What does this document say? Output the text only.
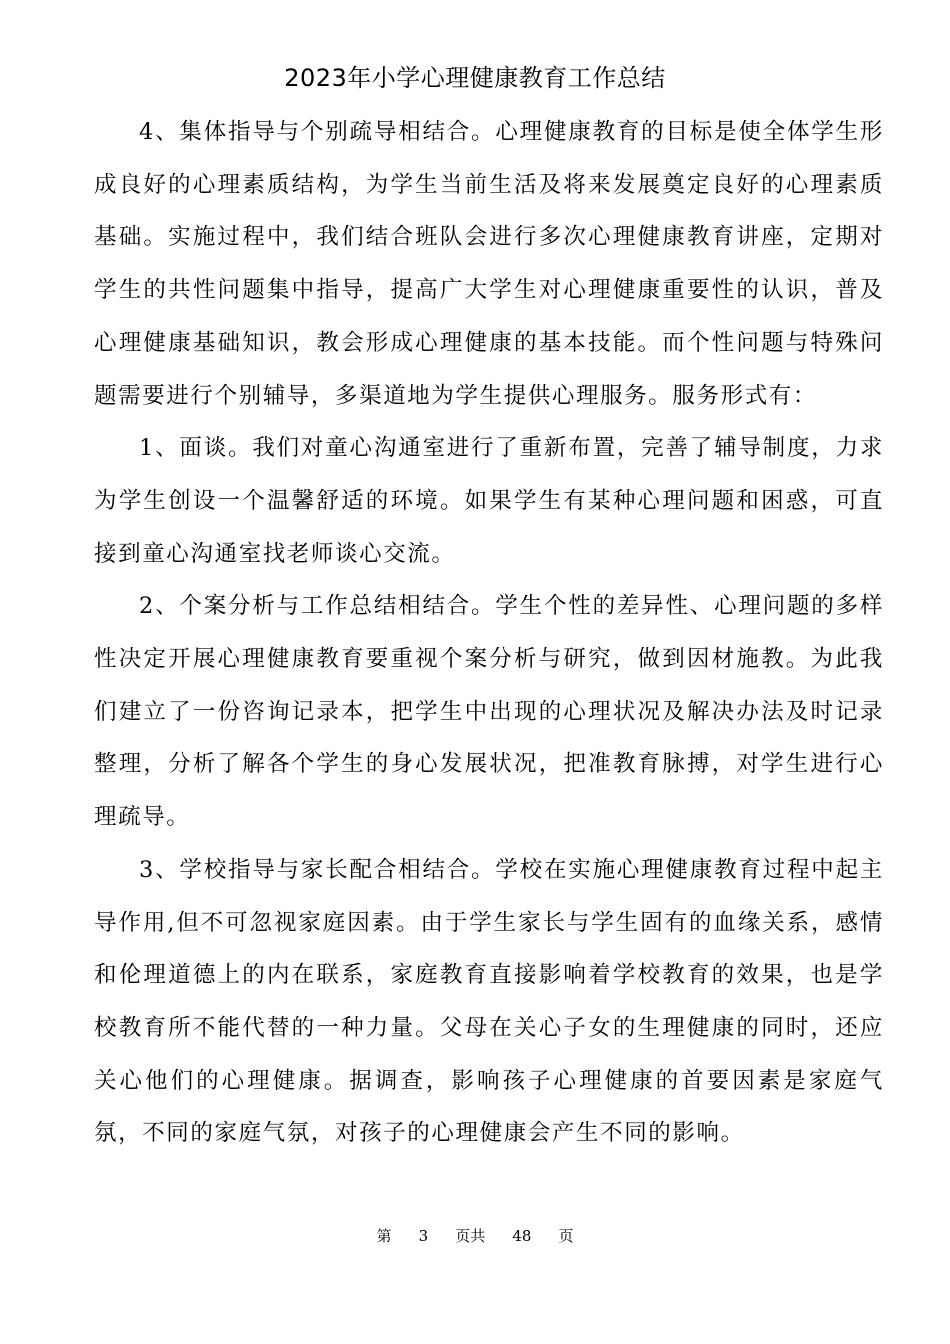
2023年小学心理健康教育工作总结

4、集体指导与个别疏导相结合。心理健康教育的目标是使全体学生形成良好的心理素质结构，为学生当前生活及将来发展奠定良好的心理素质基础。实施过程中，我们结合班队会进行多次心理健康教育讲座，定期对学生的共性问题集中指导，提高广大学生对心理健康重要性的认识，普及心理健康基础知识，教会形成心理健康的基本技能。而个性问题与特殊问题需要进行个别辅导，多渠道地为学生提供心理服务。服务形式有：

1、面谈。我们对童心沟通室进行了重新布置，完善了辅导制度，力求为学生创设一个温馨舒适的环境。如果学生有某种心理问题和困惑，可直接到童心沟通室找老师谈心交流。

2、个案分析与工作总结相结合。学生个性的差异性、心理问题的多样性决定开展心理健康教育要重视个案分析与研究，做到因材施教。为此我们建立了一份咨询记录本，把学生中出现的心理状况及解决办法及时记录整理，分析了解各个学生的身心发展状况，把准教育脉搏，对学生进行心理疏导。

3、学校指导与家长配合相结合。学校在实施心理健康教育过程中起主导作用,但不可忽视家庭因素。由于学生家长与学生固有的血缘关系，感情和伦理道德上的内在联系，家庭教育直接影响着学校教育的效果，也是学校教育所不能代替的一种力量。父母在关心子女的生理健康的同时，还应关心他们的心理健康。据调查，影响孩子心理健康的首要因素是家庭气氛，不同的家庭气氛，对孩子的心理健康会产生不同的影响。

第 3 页共 48 页
